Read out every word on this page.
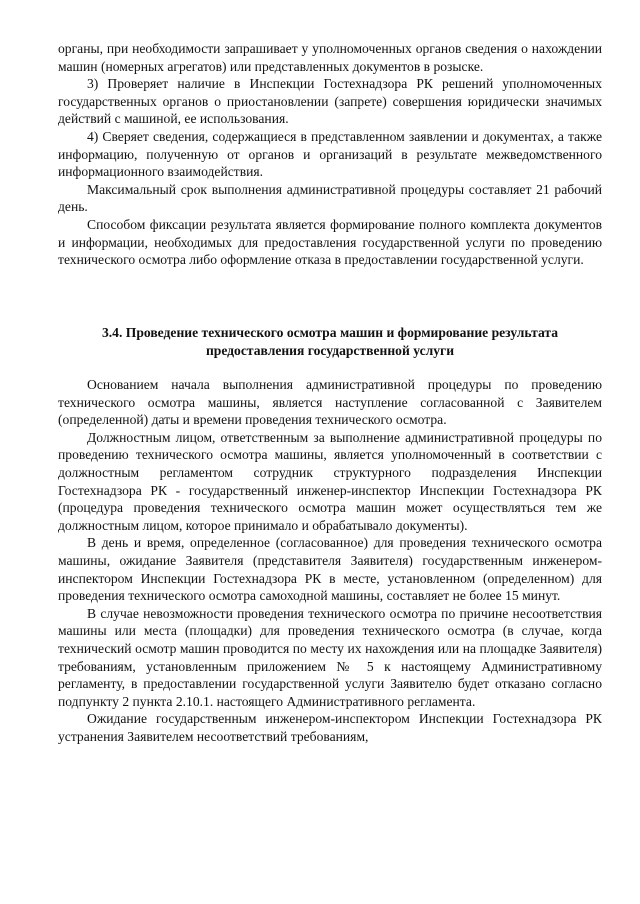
органы, при необходимости запрашивает у уполномоченных органов сведения о нахождении машин (номерных агрегатов) или представленных документов в розыске.

3) Проверяет наличие в Инспекции Гостехнадзора РК решений уполномоченных государственных органов о приостановлении (запрете) совершения юридически значимых действий с машиной, ее использования.

4) Сверяет сведения, содержащиеся в представленном заявлении и документах, а также информацию, полученную от органов и организаций в результате межведомственного информационного взаимодействия.

Максимальный срок выполнения административной процедуры составляет 21 рабочий день.

Способом фиксации результата является формирование полного комплекта документов и информации, необходимых для предоставления государственной услуги по проведению технического осмотра либо оформление отказа в предоставлении государственной услуги.

3.4. Проведение технического осмотра машин и формирование результата предоставления государственной услуги

Основанием начала выполнения административной процедуры по проведению технического осмотра машины, является наступление согласованной с Заявителем (определенной) даты и времени проведения технического осмотра.

Должностным лицом, ответственным за выполнение административной процедуры по проведению технического осмотра машины, является уполномоченный в соответствии с должностным регламентом сотрудник структурного подразделения Инспекции Гостехнадзора РК - государственный инженер-инспектор Инспекции Гостехнадзора РК (процедура проведения технического осмотра машин может осуществляться тем же должностным лицом, которое принимало и обрабатывало документы).

В день и время, определенное (согласованное) для проведения технического осмотра машины, ожидание Заявителя (представителя Заявителя) государственным инженером-инспектором Инспекции Гостехнадзора РК в месте, установленном (определенном) для проведения технического осмотра самоходной машины, составляет не более 15 минут.

В случае невозможности проведения технического осмотра по причине несоответствия машины или места (площадки) для проведения технического осмотра (в случае, когда технический осмотр машин проводится по месту их нахождения или на площадке Заявителя) требованиям, установленным приложением № 5 к настоящему Административному регламенту, в предоставлении государственной услуги Заявителю будет отказано согласно подпункту 2 пункта 2.10.1. настоящего Административного регламента.

Ожидание государственным инженером-инспектором Инспекции Гостехнадзора РК устранения Заявителем несоответствий требованиям,
